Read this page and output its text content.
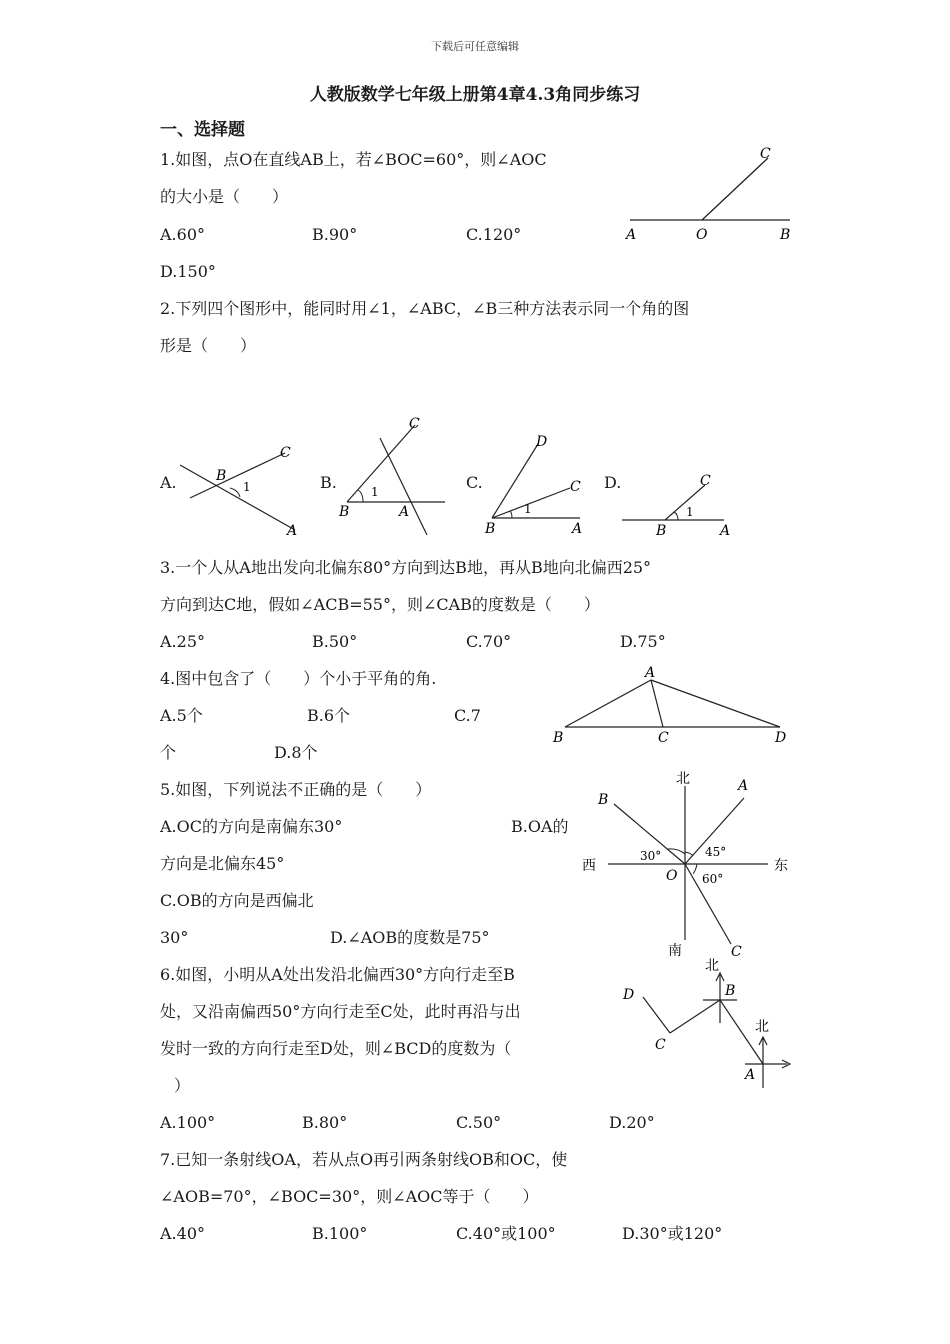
下载后可任意编辑
人教版数学七年级上册第4章4.3角同步练习
一、选择题
1.如图，点O在直线AB上，若∠BOC=60°，则∠AOC
的大小是（　　）
A.60°	B.90°	C.120°
D.150°
A	O	B
C
2.下列四个图形中，能同时用∠1，∠ABC，∠B三种方法表示同一个角的图
形是（　　）
A.	B.	C.	D.
B
C
A
1
B
C
A
1
B
D
C
A
1
B
C
A
1
3.一个人从A地出发向北偏东80°方向到达B地，再从B地向北偏西25°
方向到达C地，假如∠ACB=55°，则∠CAB的度数是（　　）
A.25°	B.50°	C.70°	D.75°
4.图中包含了（　　）个小于平角的角.
A.5个	B.6个	C.7
个	D.8个
A
B	C	D
5.如图，下列说法不正确的是（　　）
A.OC的方向是南偏东30°	B.OA的
方向是北偏东45°
C.OB的方向是西偏北
30°	D.∠AOB的度数是75°
北
南
西	东
A
B
C
O
30°	45°
60°
6.如图，小明从A处出发沿北偏西30°方向行走至B
处，又沿南偏西50°方向行走至C处，此时再沿与出
发时一致的方向行走至D处，则∠BCD的度数为（
）
A.100°	B.80°	C.50°	D.20°
北
北
B
A
C
D
7.已知一条射线OA，若从点O再引两条射线OB和OC，使
∠AOB=70°，∠BOC=30°，则∠AOC等于（　　）
A.40°	B.100°	C.40°或100°	D.30°或120°
